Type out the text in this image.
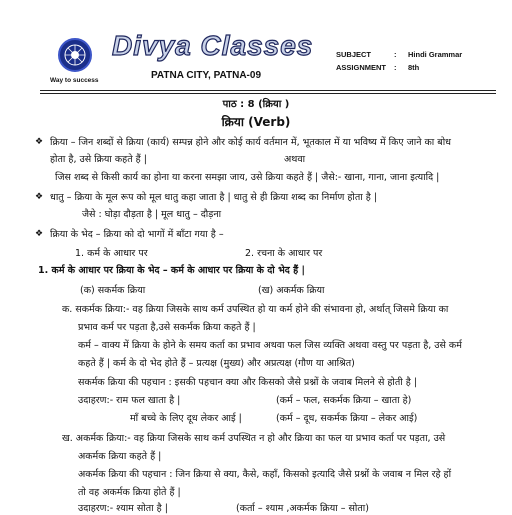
Way to success
Divya Classes
PATNA CITY, PATNA-09
SUBJECT	: Hindi Grammar
ASSIGNMENT : 8th
पाठ : 8 (क्रिया )
क्रिया (Verb)
❖ क्रिया – जिन शब्दों से क्रिया (कार्य) सम्पन्न होने और कोई कार्य वर्तमान में, भूतकाल में या भविष्य में किए जाने का बोध
होता है, उसे क्रिया कहते हैं |	अथवा
जिस शब्द से किसी कार्य का होना या करना समझा जाय, उसे क्रिया कहते हैं | जैसे:- खाना, गाना, जाना इत्यादि |
❖ धातु – क्रिया के मूल रूप को मूल धातु कहा जाता है | धातु से ही क्रिया शब्द का निर्माण होता है |
जैसे : घोड़ा दौड़ता है | मूल धातु – दौड़ना
❖ क्रिया के भेद – क्रिया को दो भागों में बाँटा गया है –
1. कर्म के आधार पर	2. रचना के आधार पर
1. कर्म के आधार पर क्रिया के भेद – कर्म के आधार पर क्रिया के दो भेद हैं |
(क) सकर्मक क्रिया	(ख) अकर्मक क्रिया
क. सकर्मक क्रिया:- वह क्रिया जिसके साथ कर्म उपस्थित हो या कर्म होने की संभावना हो, अर्थात् जिसमे क्रिया का
प्रभाव कर्म पर पड़ता है,उसे सकर्मक क्रिया कहते हैं |
कर्म – वाक्य में क्रिया के होने के समय कर्ता का प्रभाव अथवा फल जिस व्यक्ति अथवा वस्तु पर पड़ता है, उसे कर्म
कहते हैं | कर्म के दो भेद होते हैं – प्रत्यक्ष (मुख्य) और अप्रत्यक्ष (गौण या आश्रित)
सकर्मक क्रिया की पहचान : इसकी पहचान क्या और किसको जैसे प्रश्नों के जवाब मिलने से होती है |
उदाहरण:- राम फल खाता है |	(कर्म – फल, सकर्मक क्रिया – खाता हे)
माँ बच्चे के लिए दूध लेकर आई |	(कर्म – दूध, सकर्मक क्रिया – लेकर आई)
ख. अकर्मक क्रिया:- वह क्रिया जिसके साथ कर्म उपस्थित न हो और क्रिया का फल या प्रभाव कर्ता पर पड़ता, उसे
अकर्मक क्रिया कहते हैं |
अकर्मक क्रिया की पहचान : जिन क्रिया से क्या, कैसे, कहाँ, किसको इत्यादि जैसे प्रश्नों के जवाब न मिल रहे हों
तो वह अकर्मक क्रिया होते हैं |
उदाहरण:- श्याम सोता है |	(कर्ता – श्याम ,अकर्मक क्रिया – सोता)
